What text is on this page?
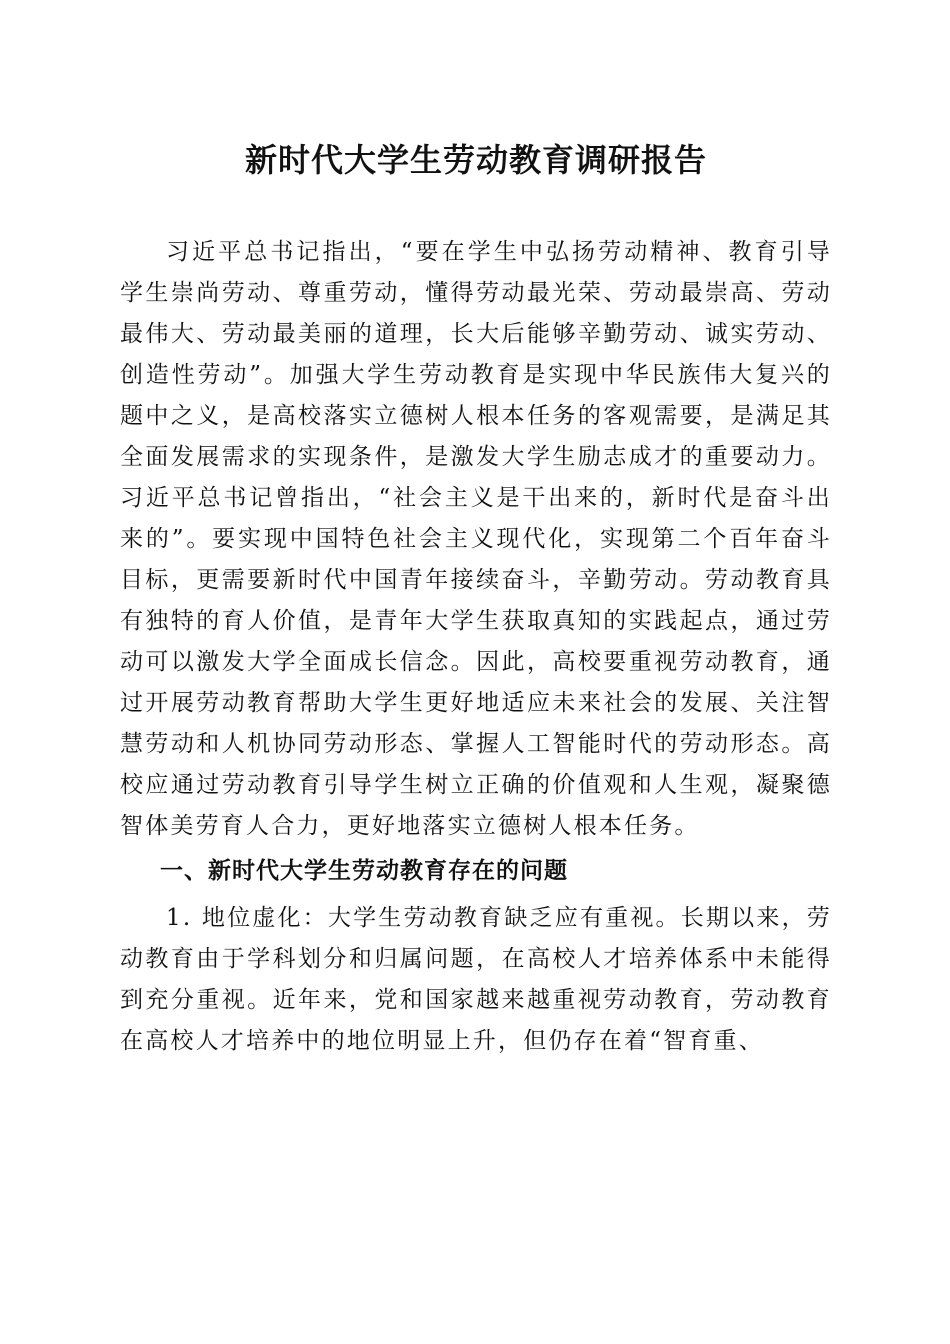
新时代大学生劳动教育调研报告

习近平总书记指出，“要在学生中弘扬劳动精神、教育引导学生崇尚劳动、尊重劳动，懂得劳动最光荣、劳动最崇高、劳动最伟大、劳动最美丽的道理，长大后能够辛勤劳动、诚实劳动、创造性劳动”。加强大学生劳动教育是实现中华民族伟大复兴的题中之义，是高校落实立德树人根本任务的客观需要，是满足其全面发展需求的实现条件，是激发大学生励志成才的重要动力。习近平总书记曾指出，“社会主义是干出来的，新时代是奋斗出来的”。要实现中国特色社会主义现代化，实现第二个百年奋斗目标，更需要新时代中国青年接续奋斗，辛勤劳动。劳动教育具有独特的育人价值，是青年大学生获取真知的实践起点，通过劳动可以激发大学全面成长信念。因此，高校要重视劳动教育，通过开展劳动教育帮助大学生更好地适应未来社会的发展、关注智慧劳动和人机协同劳动形态、掌握人工智能时代的劳动形态。高校应通过劳动教育引导学生树立正确的价值观和人生观，凝聚德智体美劳育人合力，更好地落实立德树人根本任务。

一、新时代大学生劳动教育存在的问题

1. 地位虚化：大学生劳动教育缺乏应有重视。长期以来，劳动教育由于学科划分和归属问题，在高校人才培养体系中未能得到充分重视。近年来，党和国家越来越重视劳动教育，劳动教育在高校人才培养中的地位明显上升，但仍存在着“智育重、
